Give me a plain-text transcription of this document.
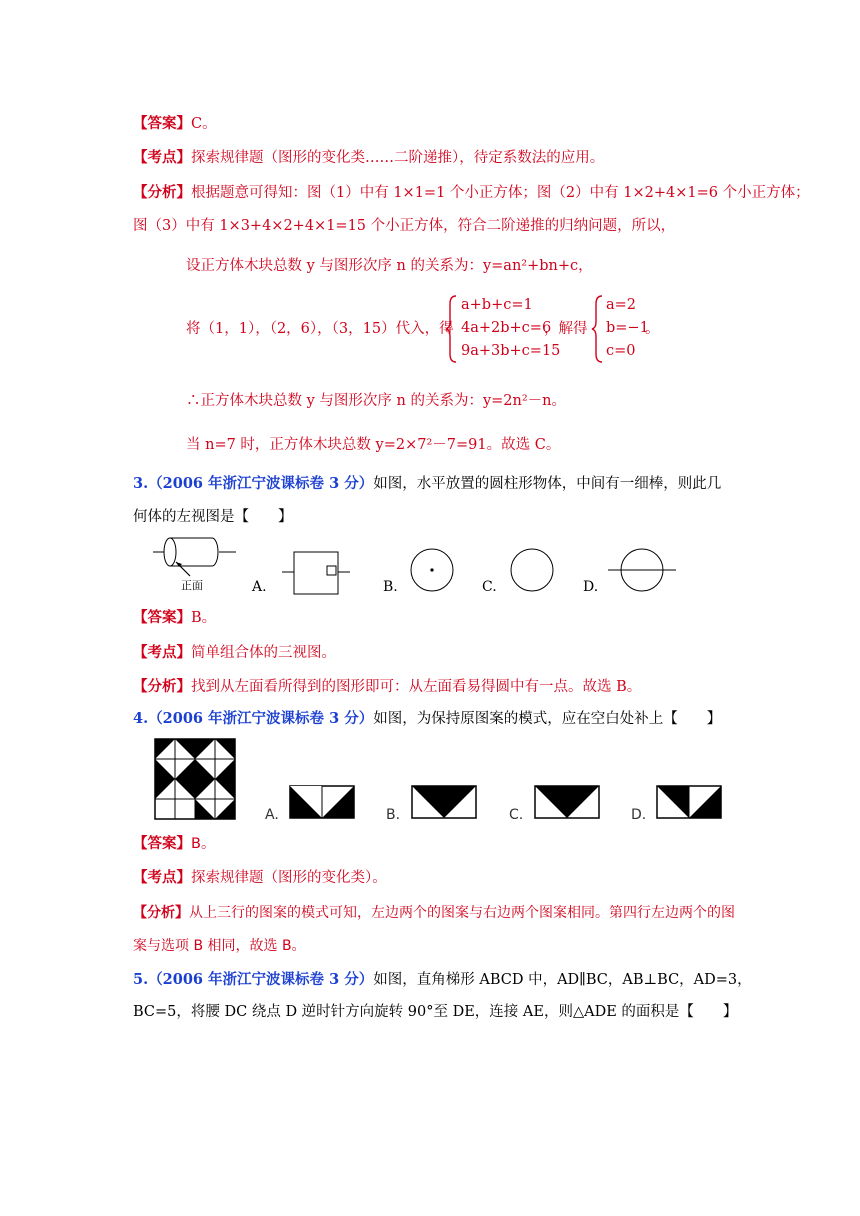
【答案】C。
【考点】探索规律题（图形的变化类……二阶递推），待定系数法的应用。
【分析】根据题意可得知：图（1）中有 1×1=1 个小正方体；图（2）中有 1×2+4×1=6 个小正方体；
图（3）中有 1×3+4×2+4×1=15 个小正方体，符合二阶递推的归纳问题，所以，
设正方体木块总数 y 与图形次序 n 的关系为：y=an²+bn+c，
将（1，1），（2，6），（3，15）代入，得
a+b+c=1
4a+2b+c=6
9a+3b+c=15
，解得
a=2
b=−1
c=0
。
∴正方体木块总数 y 与图形次序 n 的关系为：y=2n²－n。
当 n=7 时，正方体木块总数 y=2×7²－7=91。故选 C。
3.（2006 年浙江宁波课标卷 3 分）如图，水平放置的圆柱形物体，中间有一细棒，则此几
何体的左视图是【　　】
正面	A.	B.	C.	D.
【答案】B。
【考点】简单组合体的三视图。
【分析】找到从左面看所得到的图形即可：从左面看易得圆中有一点。故选 B。
4.（2006 年浙江宁波课标卷 3 分）如图，为保持原图案的模式，应在空白处补上【　　】
A.	B.	C.	D.
【答案】B。
【考点】探索规律题（图形的变化类）。
【分析】从上三行的图案的模式可知，左边两个的图案与右边两个图案相同。第四行左边两个的图
案与选项 B 相同，故选 B。
5.（2006 年浙江宁波课标卷 3 分）如图，直角梯形 ABCD 中，AD∥BC，AB⊥BC，AD=3，
BC=5，将腰 DC 绕点 D 逆时针方向旋转 90°至 DE，连接 AE，则△ADE 的面积是【　　】
